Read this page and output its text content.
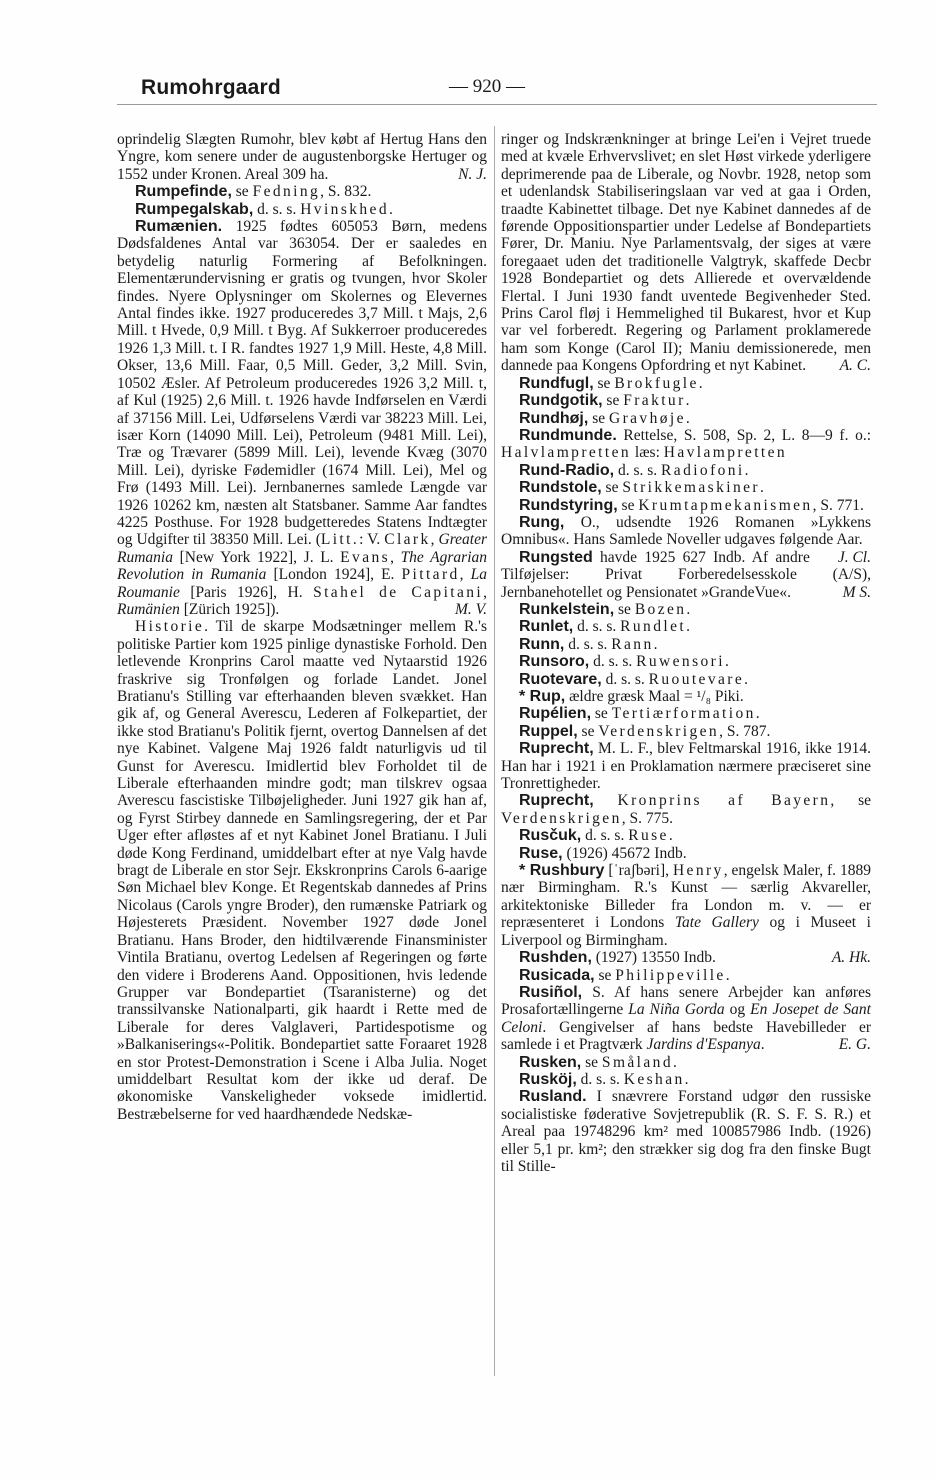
Rumohrgaard	— 920 —

oprindelig Slægten Rumohr, blev købt af Hertug Hans den Yngre, kom senere under de augustenborgske Hertuger og 1552 under Kronen. Areal 309 ha.	N. J.

Rumpefinde, se Fedning, S. 832.

Rumpegalskab, d. s. s. Hvinskhed.

Rumænien. 1925 fødtes 605053 Børn, medens Dødsfaldenes Antal var 363054. Der er saaledes en betydelig naturlig Formering af Befolkningen. Elementærundervisning er gratis og tvungen, hvor Skoler findes. Nyere Oplysninger om Skolernes og Elevernes Antal findes ikke. 1927 produceredes 3,7 Mill. t Majs, 2,6 Mill. t Hvede, 0,9 Mill. t Byg. Af Sukkerroer produceredes 1926 1,3 Mill. t. I R. fandtes 1927 1,9 Mill. Heste, 4,8 Mill. Okser, 13,6 Mill. Faar, 0,5 Mill. Geder, 3,2 Mill. Svin, 10502 Æsler. Af Petroleum produceredes 1926 3,2 Mill. t, af Kul (1925) 2,6 Mill. t. 1926 havde Indførselen en Værdi af 37156 Mill. Lei, Udførselens Værdi var 38223 Mill. Lei, især Korn (14090 Mill. Lei), Petroleum (9481 Mill. Lei), Træ og Trævarer (5899 Mill. Lei), levende Kvæg (3070 Mill. Lei), dyriske Fødemidler (1674 Mill. Lei), Mel og Frø (1493 Mill. Lei). Jernbanernes samlede Længde var 1926 10262 km, næsten alt Statsbaner. Samme Aar fandtes 4225 Posthuse. For 1928 budgetteredes Statens Indtægter og Udgifter til 38350 Mill. Lei. (Litt.: V. Clark, Greater Rumania [New York 1922], J. L. Evans, The Agrarian Revolution in Rumania [London 1924], E. Pittard, La Roumanie [Paris 1926], H. Stahel de Capitani, Rumänien [Zürich 1925]).	M. V.

Historie. Til de skarpe Modsætninger mellem R.'s politiske Partier kom 1925 pinlige dynastiske Forhold. Den letlevende Kronprins Carol maatte ved Nytaarstid 1926 fraskrive sig Tronfølgen og forlade Landet. Jonel Bratianu's Stilling var efterhaanden bleven svækket. Han gik af, og General Averescu, Lederen af Folkepartiet, der ikke stod Bratianu's Politik fjernt, overtog Dannelsen af det nye Kabinet. Valgene Maj 1926 faldt naturligvis ud til Gunst for Averescu. Imidlertid blev Forholdet til de Liberale efterhaanden mindre godt; man tilskrev ogsaa Averescu fascistiske Tilbøjeligheder. Juni 1927 gik han af, og Fyrst Stirbey dannede en Samlingsregering, der et Par Uger efter afløstes af et nyt Kabinet Jonel Bratianu. I Juli døde Kong Ferdinand, umiddelbart efter at nye Valg havde bragt de Liberale en stor Sejr. Ekskronprins Carols 6-aarige Søn Michael blev Konge. Et Regentskab dannedes af Prins Nicolaus (Carols yngre Broder), den rumænske Patriark og Højesterets Præsident. November 1927 døde Jonel Bratianu. Hans Broder, den hidtilværende Finansminister Vintila Bratianu, overtog Ledelsen af Regeringen og førte den videre i Broderens Aand. Oppositionen, hvis ledende Grupper var Bondepartiet (Tsaranisterne) og det transsilvanske Nationalparti, gik haardt i Rette med de Liberale for deres Valglaveri, Partidespotisme og »Balkaniserings«-Politik. Bondepartiet satte Foraaret 1928 en stor Protest-Demonstration i Scene i Alba Julia. Noget umiddelbart Resultat kom der ikke ud deraf. De økonomiske Vanskeligheder voksede imidlertid. Bestræbelserne for ved haardhændede Nedskæ-

ringer og Indskrænkninger at bringe Lei'en i Vejret truede med at kvæle Erhvervslivet; en slet Høst virkede yderligere deprimerende paa de Liberale, og Novbr. 1928, netop som et udenlandsk Stabiliseringslaan var ved at gaa i Orden, traadte Kabinettet tilbage. Det nye Kabinet dannedes af de førende Oppositionspartier under Ledelse af Bondepartiets Fører, Dr. Maniu. Nye Parlamentsvalg, der siges at være foregaaet uden det traditionelle Valgtryk, skaffede Decbr 1928 Bondepartiet og dets Allierede et overvældende Flertal. I Juni 1930 fandt uventede Begivenheder Sted. Prins Carol fløj i Hemmelighed til Bukarest, hvor et Kup var vel forberedt. Regering og Parlament proklamerede ham som Konge (Carol II); Maniu demissionerede, men dannede paa Kongens Opfordring et nyt Kabinet.	A. C.

Rundfugl, se Brokfugle.

Rundgotik, se Fraktur.

Rundhøj, se Gravhøje.

Rundmunde. Rettelse, S. 508, Sp. 2, L. 8—9 f. o.: Halvlampretten læs: Havlampretten

Rund-Radio, d. s. s. Radiofoni.

Rundstole, se Strikkemaskiner.

Rundstyring, se Krumtapmekanismen, S. 771.

Rung, O., udsendte 1926 Romanen »Lykkens Omnibus«. Hans Samlede Noveller udgaves følgende Aar.
J. Cl.

Rungsted havde 1925 627 Indb. Af andre Tilføjelser: Privat Forberedelsesskole (A/S), Jernbanehotellet og Pensionatet »GrandeVue«.	M S.

Runkelstein, se Bozen.

Runlet, d. s. s. Rundlet.

Runn, d. s. s. Rann.

Runsoro, d. s. s. Ruwensori.

Ruotevare, d. s. s. Ruoutevare.

* Rup, ældre græsk Maal = ¹/₈ Piki.

Rupélien, se Tertiærformation.

Ruppel, se Verdenskrigen, S. 787.

Ruprecht, M. L. F., blev Feltmarskal 1916, ikke 1914. Han har i 1921 i en Proklamation nærmere præciseret sine Tronrettigheder.

Ruprecht, Kronprins af Bayern, se Verdenskrigen, S. 775.

Rusčuk, d. s. s. Ruse.

Ruse, (1926) 45672 Indb.

* Rushbury [ˈraʃbəri], Henry, engelsk Maler, f. 1889 nær Birmingham. R.'s Kunst — særlig Akvareller, arkitektoniske Billeder fra London m. v. — er repræsenteret i Londons Tate Gallery og i Museet i Liverpool og Birmingham.

Rushden, (1927) 13550 Indb.	A. Hk.

Rusicada, se Philippeville.

Rusiñol, S. Af hans senere Arbejder kan anføres Prosafortællingerne La Niña Gorda og En Josepet de Sant Celoni. Gengivelser af hans bedste Havebilleder er samlede i et Pragtværk Jardins d'Espanya.	E. G.

Rusken, se Småland.

Rusköj, d. s. s. Keshan.

Rusland. I snævrere Forstand udgør den russiske socialistiske føderative Sovjetrepublik (R. S. F. S. R.) et Areal paa 19748296 km² med 100857986 Indb. (1926) eller 5,1 pr. km²; den strækker sig dog fra den finske Bugt til Stille-
